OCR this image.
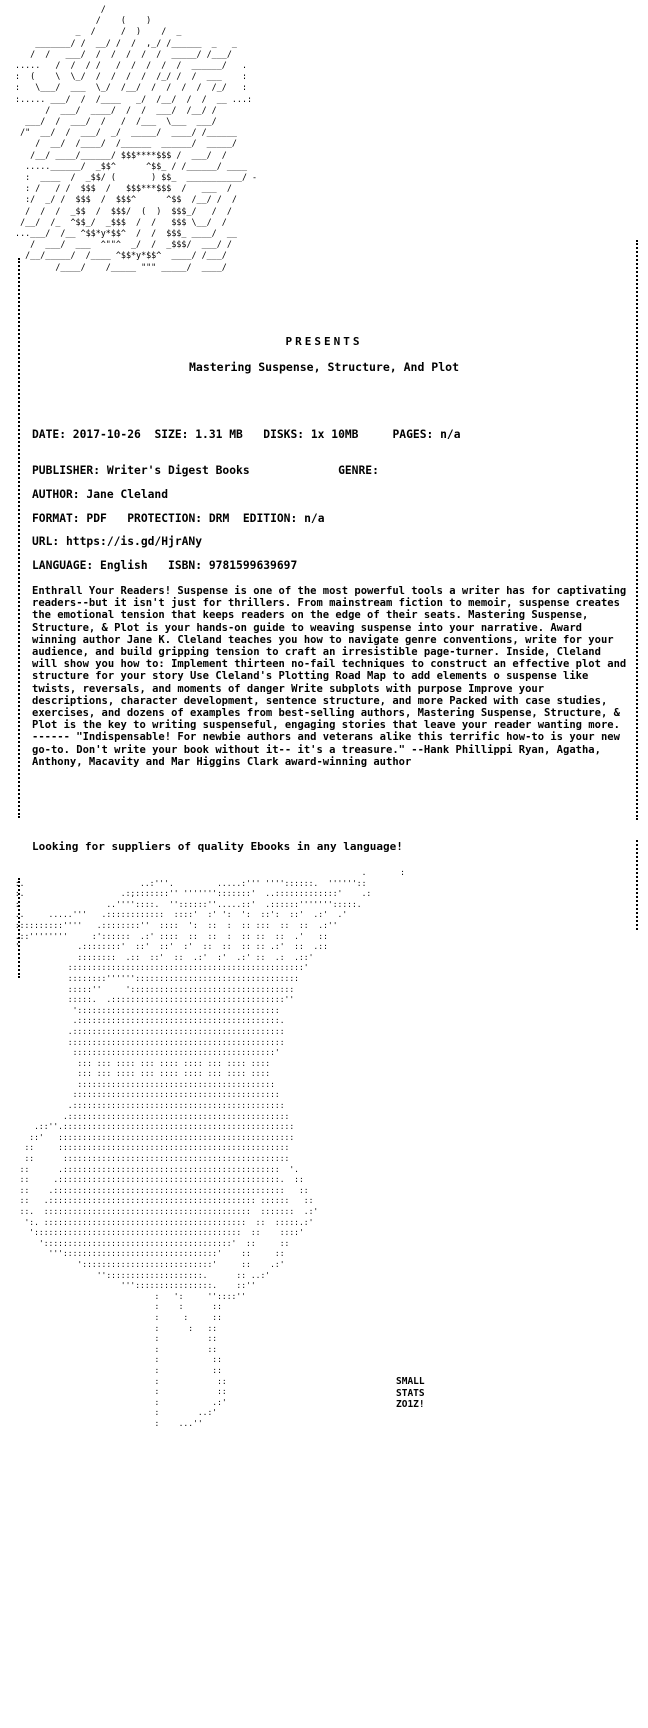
/
/    (    )
_  /     /  )    /  _
_______/ /  __/ /  /  ,_/ /______  _   _
/  /   ___/  /  /  /  /  /  _____/ /___/
.....   /  /  / /   /  /  /  /  /  ______/   .
:  (    \  \_/  /  /  /  /  /_/ /  /  ___    :
:   \___/  ___  \_/  /__/  /  /  /  /  /_/   :
:..... ___/  /  /____   _/  /__/  /  /  __ ...:
/  ___/  ____/  /  /  ___/  /__/ /
___/  /  ___/  /   /  /___  \___  ___/
/"  __/  /  ___/  _/  _____/  ____/ /______
/  __/  /____/  /______  ______/  _____/
/__/ ____/______/ $$$****$$$ /  ___/  /
.....______/  _$$^      ^$$_ / /______/ ____
:  ____  /  _$$/ (       ) $$_  ___________/ -
: /   / /  $$$  /   $$$***$$$  /   ___  /
:/  _/ /  $$$  /  $$$^      ^$$  /__/ /  /
/  /  /  _$$  /  $$$/  (  )  $$$_/   /  /
/__/  /_  ^$$_/  _$$$  /  /   $$$ \__/  /
...___/  /__ ^$$*y*$$^  /  /  $$$_ ____/  __
/  ___/  ___  ^""^  _/  /  _$$$/  ___/ /
/__/_____/  /____ ^$$*y*$$^  ____/ /___/
/____/    /_____ """ _____/  ____/
PRESENTS
Mastering Suspense, Structure, And Plot
DATE: 2017-10-26 SIZE: 1.31 MB DISKS: 1x 10MB	PAGES: n/a
PUBLISHER: Writer's Digest Books	GENRE:
AUTHOR: Jane Cleland
FORMAT: PDF PROTECTION: DRM EDITION: n/a
URL: https://is.gd/HjrANy
LANGUAGE: English ISBN: 9781599639697
Enthrall Your Readers! Suspense is one of the most powerful tools a writer has for captivating readers--but it isn't just for thrillers. From mainstream fiction to memoir, suspense creates the emotional tension that keeps readers on the edge of their seats. Mastering Suspense, Structure, & Plot is your hands-on guide to weaving suspense into your narrative. Award winning author Jane K. Cleland teaches you how to navigate genre conventions, write for your audience, and build gripping tension to craft an irresistible page-turner. Inside, Cleland will show you how to: Implement thirteen no-fail techniques to construct an effective plot and structure for your story Use Cleland's Plotting Road Map to add elements o suspense like twists, reversals, and moments of danger Write subplots with purpose Improve your descriptions, character development, sentence structure, and more Packed with case studies, exercises, and dozens of examples from best-selling authors, Mastering Suspense, Structure, & Plot is the key to writing suspenseful, engaging stories that leave your reader wanting more. ------ "Indispensable! For newbie authors and veterans alike this terrific how-to is your new go-to. Don't write your book without it-- it's a treasure." --Hank Phillippi Ryan, Agatha, Anthony, Macavity and Mar Higgins Clark award-winning author
Looking for suppliers of quality Ebooks in any language!
.       :
:.                        ..:'''.         .....:''' ''''::::::.  ''''''::
:.                    .:;:::::::'' ''''''':::::::'  ..:::::::::::::'    .:
:                  ..''''::::.  ''::::::''.....::'  .::::::''''''':::::.
..     .....'''   .::::::::::::  ::::'  :' ':  ':  ::':  ::'  .:'  .'
::::::::::''''   .::::::::''  ::::  ':  ::  :  :: :::  ::  ::  .:''
.::''''''''     :'::::::  .:' ::::  ::  ::  :  :: ::  ::  .'   ::
'            .::::::::'  ::'  ::'  :'  ::  ::  :: :: .:'  ::  .::
::::::::  .::  ::'  ::  .:'  :'  .:' ::  .:  .::'
:::::::::::::::::::::::::::::::::::::::::::::::::'
::::::::''''''::::::::::::::::::::::::::::::::::
:::::''     '::::::::::::::::::::::::::::::::::
:::::.  .::::::::::::::::::::::::::::::::::::''
'::::::::::::::::::::::::::::::::::::::::::
.::::::::::::::::::::::::::::::::::::::::::.
.::::::::::::::::::::::::::::::::::::::::::::
:::::::::::::::::::::::::::::::::::::::::::::
::::::::::::::::::::::::::::::::::::::::::'
::: ::: :::: ::: :::: :::: ::: :::: ::::
::: ::: :::: ::: :::: :::: ::: :::: ::::
:::::::::::::::::::::::::::::::::::::::::
:::::::::::::::::::::::::::::::::::::::::::
.::::::::::::::::::::::::::::::::::::::::::::
.::::::::::::::::::::::::::::::::::::::::::::::
.::''.::::::::::::::::::::::::::::::::::::::::::::::::
::'   :::::::::::::::::::::::::::::::::::::::::::::::::
::     ::::::::::::::::::::::::::::::::::::::::::::::::
::      :::::::::::::::::::::::::::::::::::::::::::::::
::      .:::::::::::::::::::::::::::::::::::::::::::::  '.
::     .::::::::::::::::::::::::::::::::::::::::::::::.  ::
::    .::::::::::::::::::::::::::::::::::::::::::::::::   ::
::   .::::::::::::::::::::::::::::::::::::::::::: ::::::   ::
::.  :::::::::::::::::::::::::::::::::::::::::::  :::::::  .:'
':. ::::::::::::::::::::::::::::::::::::::::::  ::  :::::.:'
':::::::::::::::::::::::::::::::::::::::::::  ::    ::::'
':::::::::::::::::::::::::::::::::::::::'  ::     ::
'''::::::::::::::::::::::::::::::::'    ::     ::
':::::::::::::::::::::::::::'     ::    .:'
''::::::::::::::::::::.      :: ..:'
'''::::::::::::::::.    ::''
:   ':     ''::::''
:    :      ::
:     :     ::
:      :   ::
:          ::
:          ::
:           ::
:           ::
:            ::
:            ::
:           .:'
:        ..:'
:    ...''
SMALL
STATS
ZO1Z!
